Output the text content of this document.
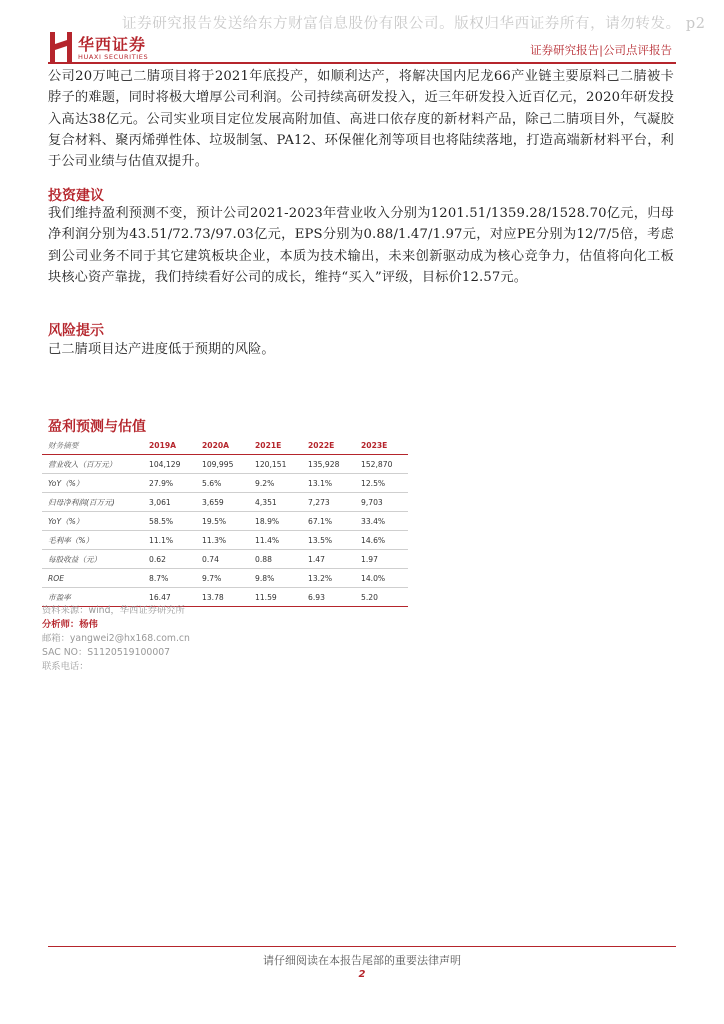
证券研究报告发送给东方财富信息股份有限公司。版权归华西证券所有，请勿转发。 p2
华西证券
HUAXI SECURITIES	证券研究报告|公司点评报告

公司20万吨己二腈项目将于2021年底投产，如顺利达产，将解决国内尼龙66产业链主要原料己二腈被卡脖子的难题，同时将极大增厚公司利润。公司持续高研发投入，近三年研发投入近百亿元，2020年研发投入高达38亿元。公司实业项目定位发展高附加值、高进口依存度的新材料产品，除己二腈项目外，气凝胶复合材料、聚丙烯弹性体、垃圾制氢、PA12、环保催化剂等项目也将陆续落地，打造高端新材料平台，利于公司业绩与估值双提升。

投资建议

我们维持盈利预测不变，预计公司2021-2023年营业收入分别为1201.51/1359.28/1528.70亿元，归母净利润分别为43.51/72.73/97.03亿元，EPS分别为0.88/1.47/1.97元，对应PE分别为12/7/5倍，考虑到公司业务不同于其它建筑板块企业，本质为技术输出，未来创新驱动成为核心竞争力，估值将向化工板块核心资产靠拢，我们持续看好公司的成长，维持“买入”评级，目标价12.57元。

风险提示

己二腈项目达产进度低于预期的风险。

盈利预测与估值
财务摘要	2019A	2020A	2021E	2022E	2023E
营业收入（百万元）	104,129	109,995	120,151	135,928	152,870
YoY（%）	27.9%	5.6%	9.2%	13.1%	12.5%
归母净利润(百万元)	3,061	3,659	4,351	7,273	9,703
YoY（%）	58.5%	19.5%	18.9%	67.1%	33.4%
毛利率（%）	11.1%	11.3%	11.4%	13.5%	14.6%
每股收益（元）	0.62	0.74	0.88	1.47	1.97
ROE	8.7%	9.7%	9.8%	13.2%	14.0%
市盈率	16.47	13.78	11.59	6.93	5.20
资料来源：wind，华西证券研究所
分析师：杨伟
邮箱：yangwei2@hx168.com.cn
SAC NO：S1120519100007
联系电话：
请仔细阅读在本报告尾部的重要法律声明
2
